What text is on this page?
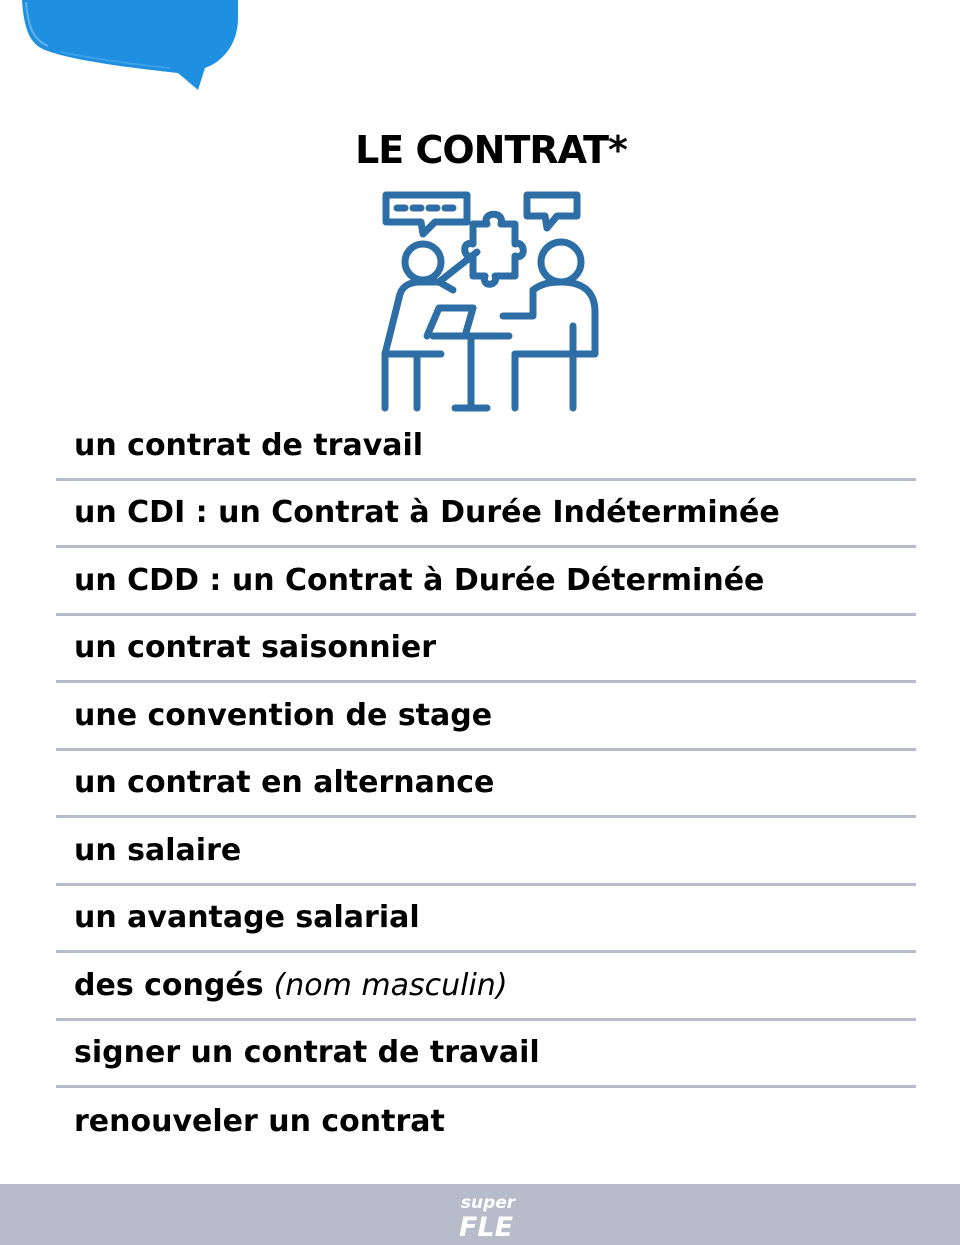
LE CONTRAT*
un contrat de travail
un CDI : un Contrat à Durée Indéterminée
un CDD : un Contrat à Durée Déterminée
un contrat saisonnier
une convention de stage
un contrat en alternance
un salaire
un avantage salarial
des congés (nom masculin)
signer un contrat de travail
renouveler un contrat
super
FLE
